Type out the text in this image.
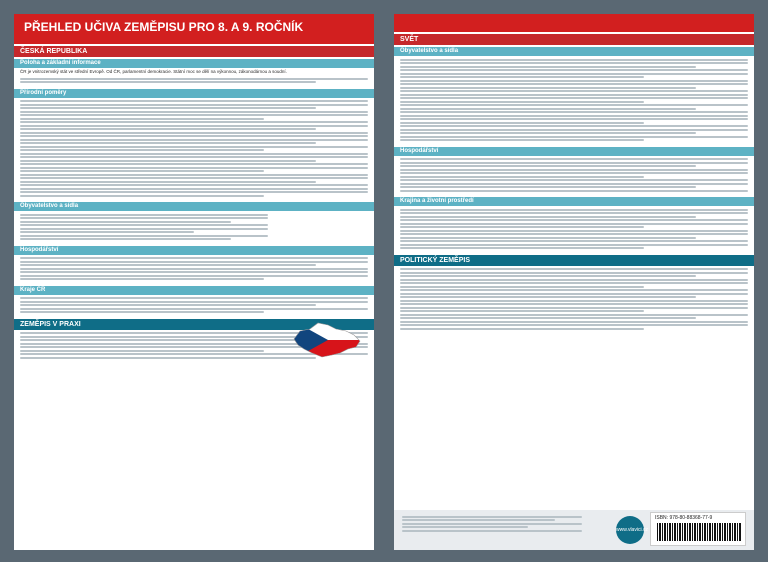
PŘEHLED UČIVA ZEMĚPISU PRO 8. A 9. ROČNÍK
ČESKÁ REPUBLIKA
Poloha a základní informace
ČR je vnitrozemský stát ve střední Evropě. Od ČR, parlamentní demokracie. Státní moc se dělí na výkonnou, zákonodárnou a soudní.
Přírodní poměry
Obyvatelstvo a sídla
Hospodářství
Kraje ČR
ZEMĚPIS V PRAXI
SVĚT
Obyvatelstvo a sídla
Hospodářství
Krajina a životní prostředí
POLITICKÝ ZEMĚPIS
www.vlavici.cz
ISBN: 978-80-88368-77-9
